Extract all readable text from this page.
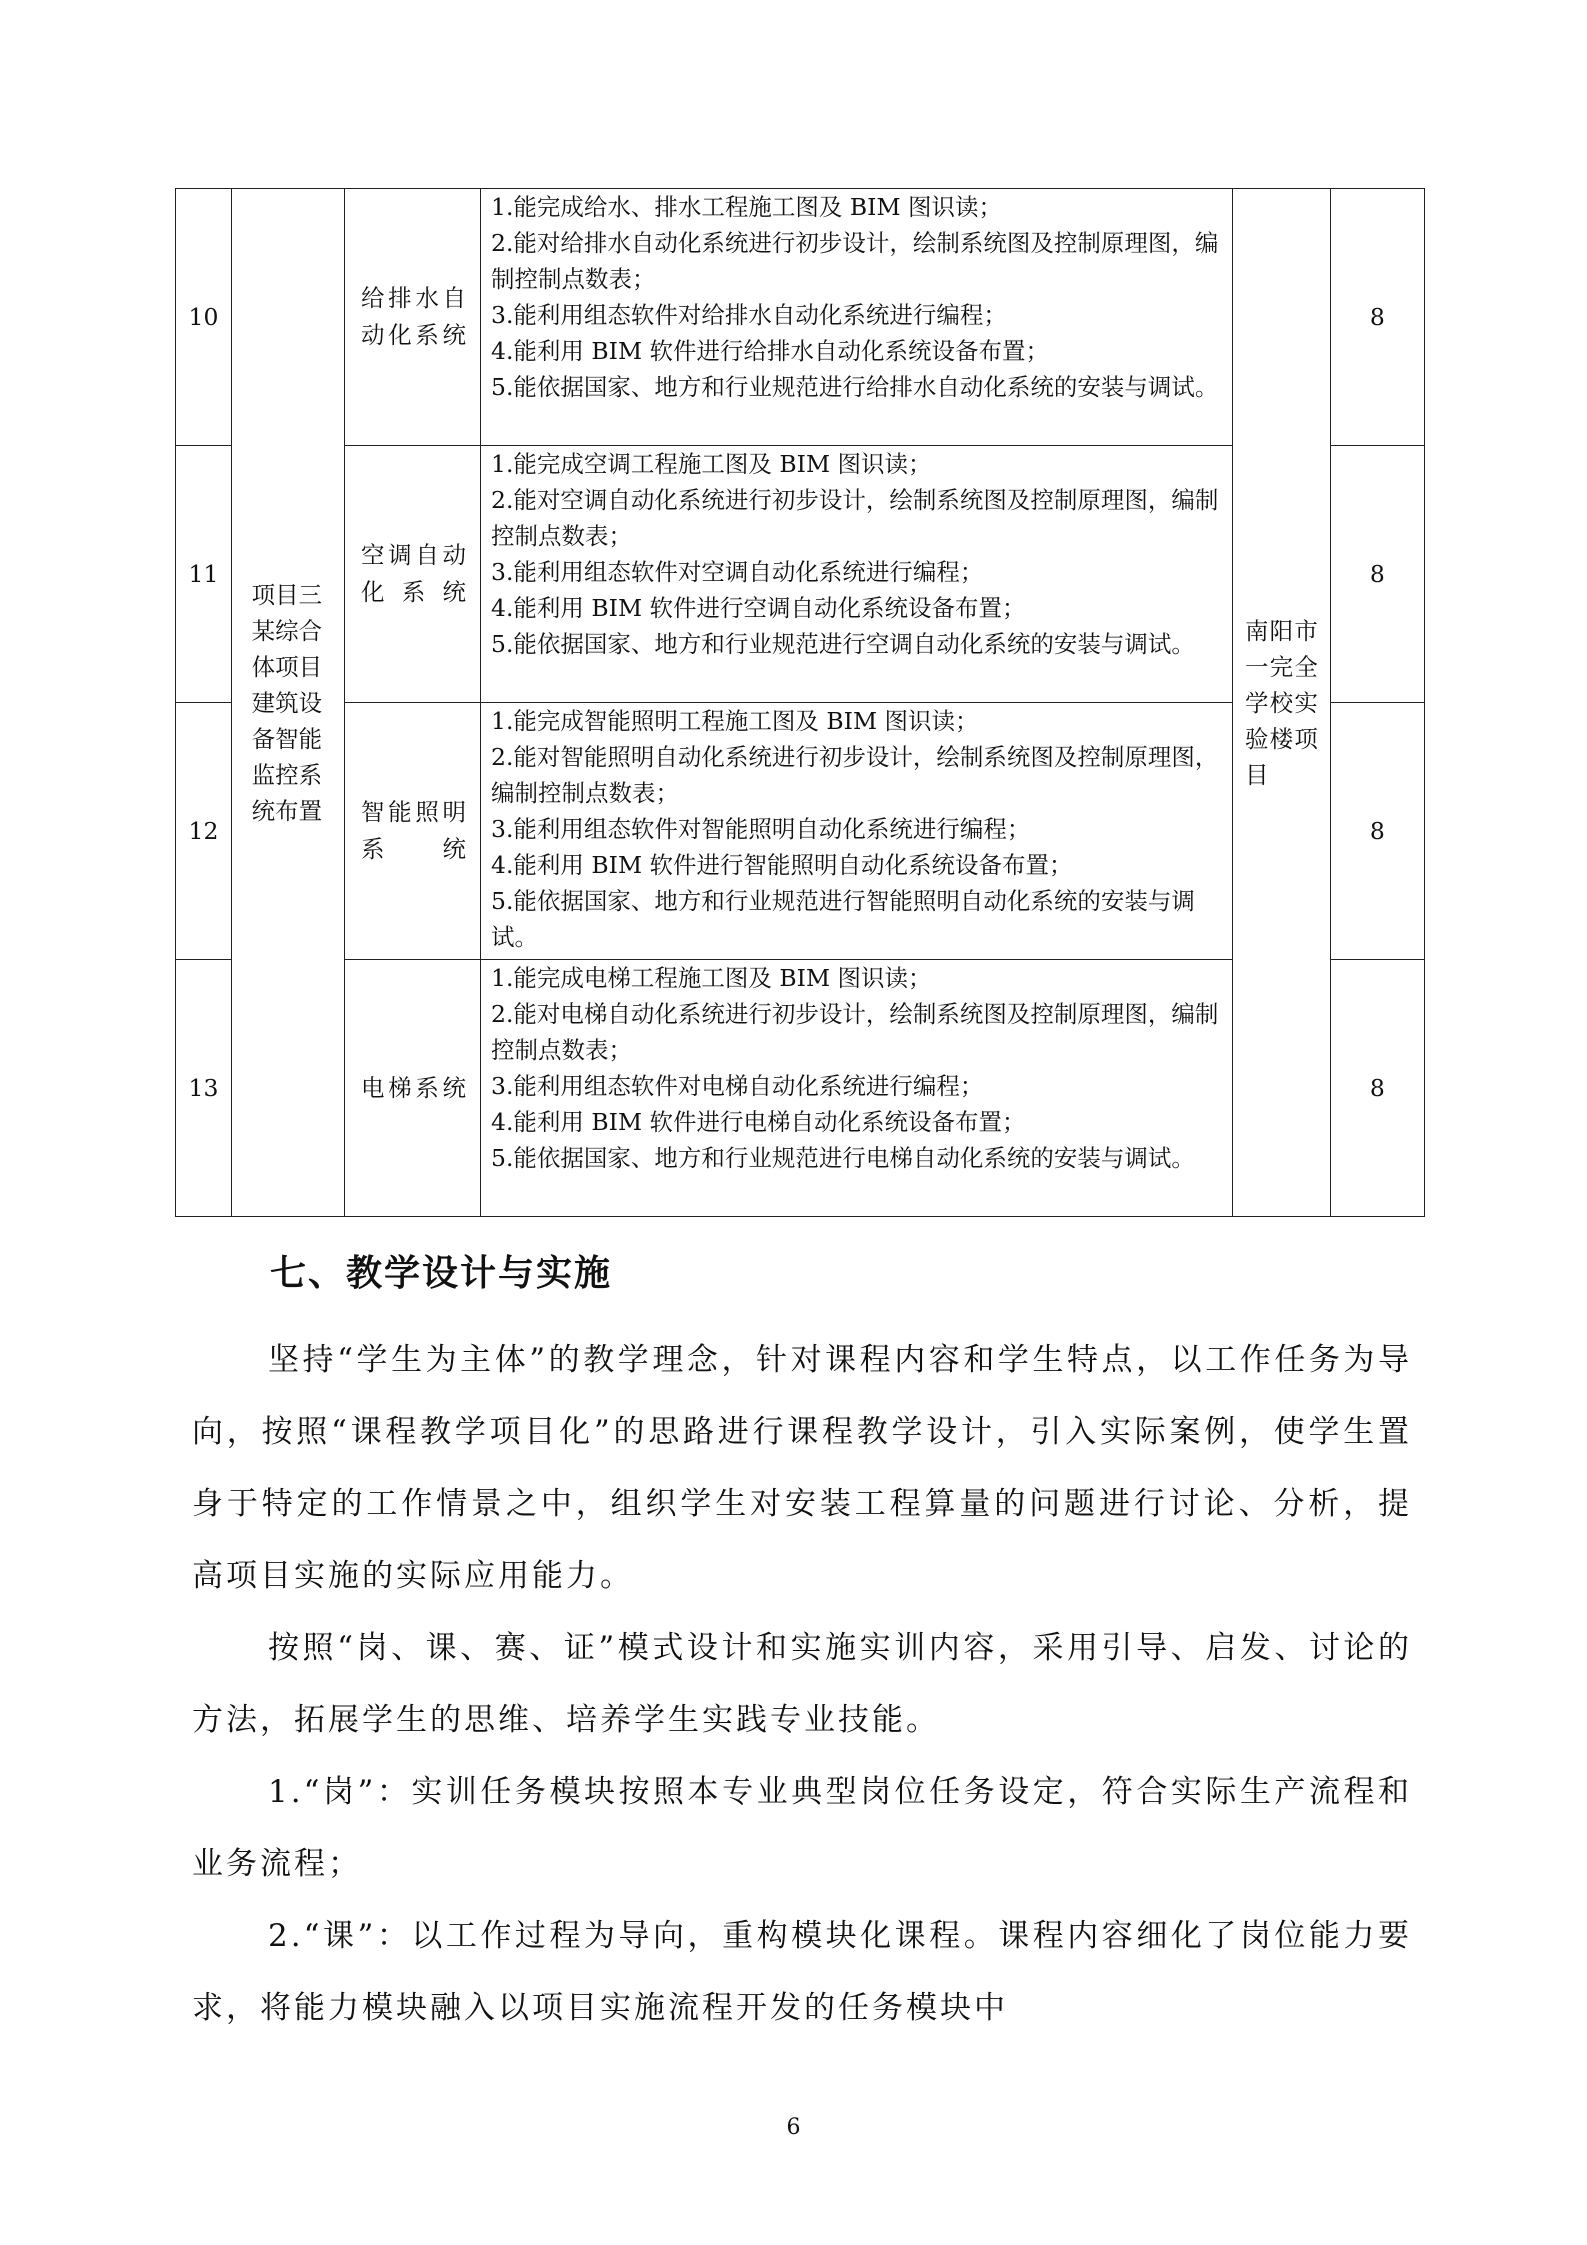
10	项目三某综合体项目建筑设备智能监控系统布置	给排水自动化系统	1.能完成给水、排水工程施工图及 BIM 图识读；
2.能对给排水自动化系统进行初步设计，绘制系统图及控制原理图，编制控制点数表；
3.能利用组态软件对给排水自动化系统进行编程；
4.能利用 BIM 软件进行给排水自动化系统设备布置；
5.能依据国家、地方和行业规范进行给排水自动化系统的安装与调试。	南阳市一完全学校实验楼项目	8
11		空调自动化系统	1.能完成空调工程施工图及 BIM 图识读；
2.能对空调自动化系统进行初步设计，绘制系统图及控制原理图，编制控制点数表；
3.能利用组态软件对空调自动化系统进行编程；
4.能利用 BIM 软件进行空调自动化系统设备布置；
5.能依据国家、地方和行业规范进行空调自动化系统的安装与调试。		8
12		智能照明系统	1.能完成智能照明工程施工图及 BIM 图识读；
2.能对智能照明自动化系统进行初步设计，绘制系统图及控制原理图，编制控制点数表；
3.能利用组态软件对智能照明自动化系统进行编程；
4.能利用 BIM 软件进行智能照明自动化系统设备布置；
5.能依据国家、地方和行业规范进行智能照明自动化系统的安装与调试。		8
13		电梯系统	1.能完成电梯工程施工图及 BIM 图识读；
2.能对电梯自动化系统进行初步设计，绘制系统图及控制原理图，编制控制点数表；
3.能利用组态软件对电梯自动化系统进行编程；
4.能利用 BIM 软件进行电梯自动化系统设备布置；
5.能依据国家、地方和行业规范进行电梯自动化系统的安装与调试。		8
七、教学设计与实施

坚持“学生为主体”的教学理念，针对课程内容和学生特点，以工作任务为导向，按照“课程教学项目化”的思路进行课程教学设计，引入实际案例，使学生置身于特定的工作情景之中，组织学生对安装工程算量的问题进行讨论、分析，提高项目实施的实际应用能力。

按照“岗、课、赛、证”模式设计和实施实训内容，采用引导、启发、讨论的方法，拓展学生的思维、培养学生实践专业技能。

1.“岗”：实训任务模块按照本专业典型岗位任务设定，符合实际生产流程和业务流程；

2.“课”：以工作过程为导向，重构模块化课程。课程内容细化了岗位能力要求，将能力模块融入以项目实施流程开发的任务模块中

6
